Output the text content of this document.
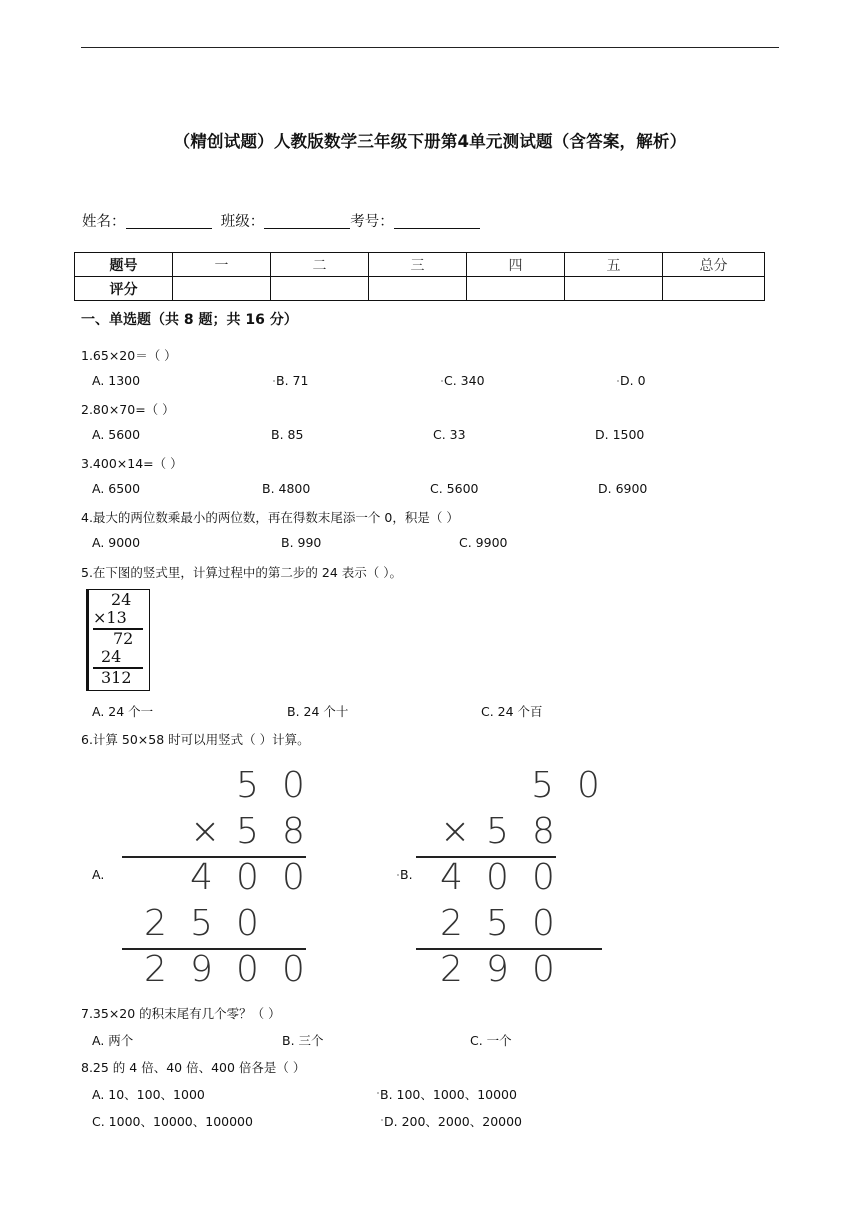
（精创试题）人教版数学三年级下册第4单元测试题（含答案，解析）
姓名：	班级：	考号：
题号	一	二	三	四	五	总分
评分						
一、单选题（共 8 题；共 16 分）
1.65×20＝（ ）
A. 1300	B. 71	C. 340	D. 0
2.80×70=（ ）
A. 5600	B. 85	C. 33	D. 1500
3.400×14=（ ）
A. 6500	B. 4800	C. 5600	D. 6900
4.最大的两位数乘最小的两位数，再在得数末尾添一个 0，积是（ ）
A. 9000	B. 990	C. 9900
5.在下图的竖式里，计算过程中的第二步的 24 表示（ ）。
24
×13
72
24
312
A. 24 个一	B. 24 个十	C. 24 个百
6.计算 50×58 时可以用竖式（ ）计算。
A.
5 0
× 5 8
4 0 0
2 5 0
2 9 0 0
B.
5 0
× 5 8
4 0 0
2 5 0
2 9 0
7.35×20 的积末尾有几个零？（ ）
A. 两个	B. 三个	C. 一个
8.25 的 4 倍、40 倍、400 倍各是（ ）
A. 10、100、1000	B. 100、1000、10000
C. 1000、10000、100000	D. 200、2000、20000
